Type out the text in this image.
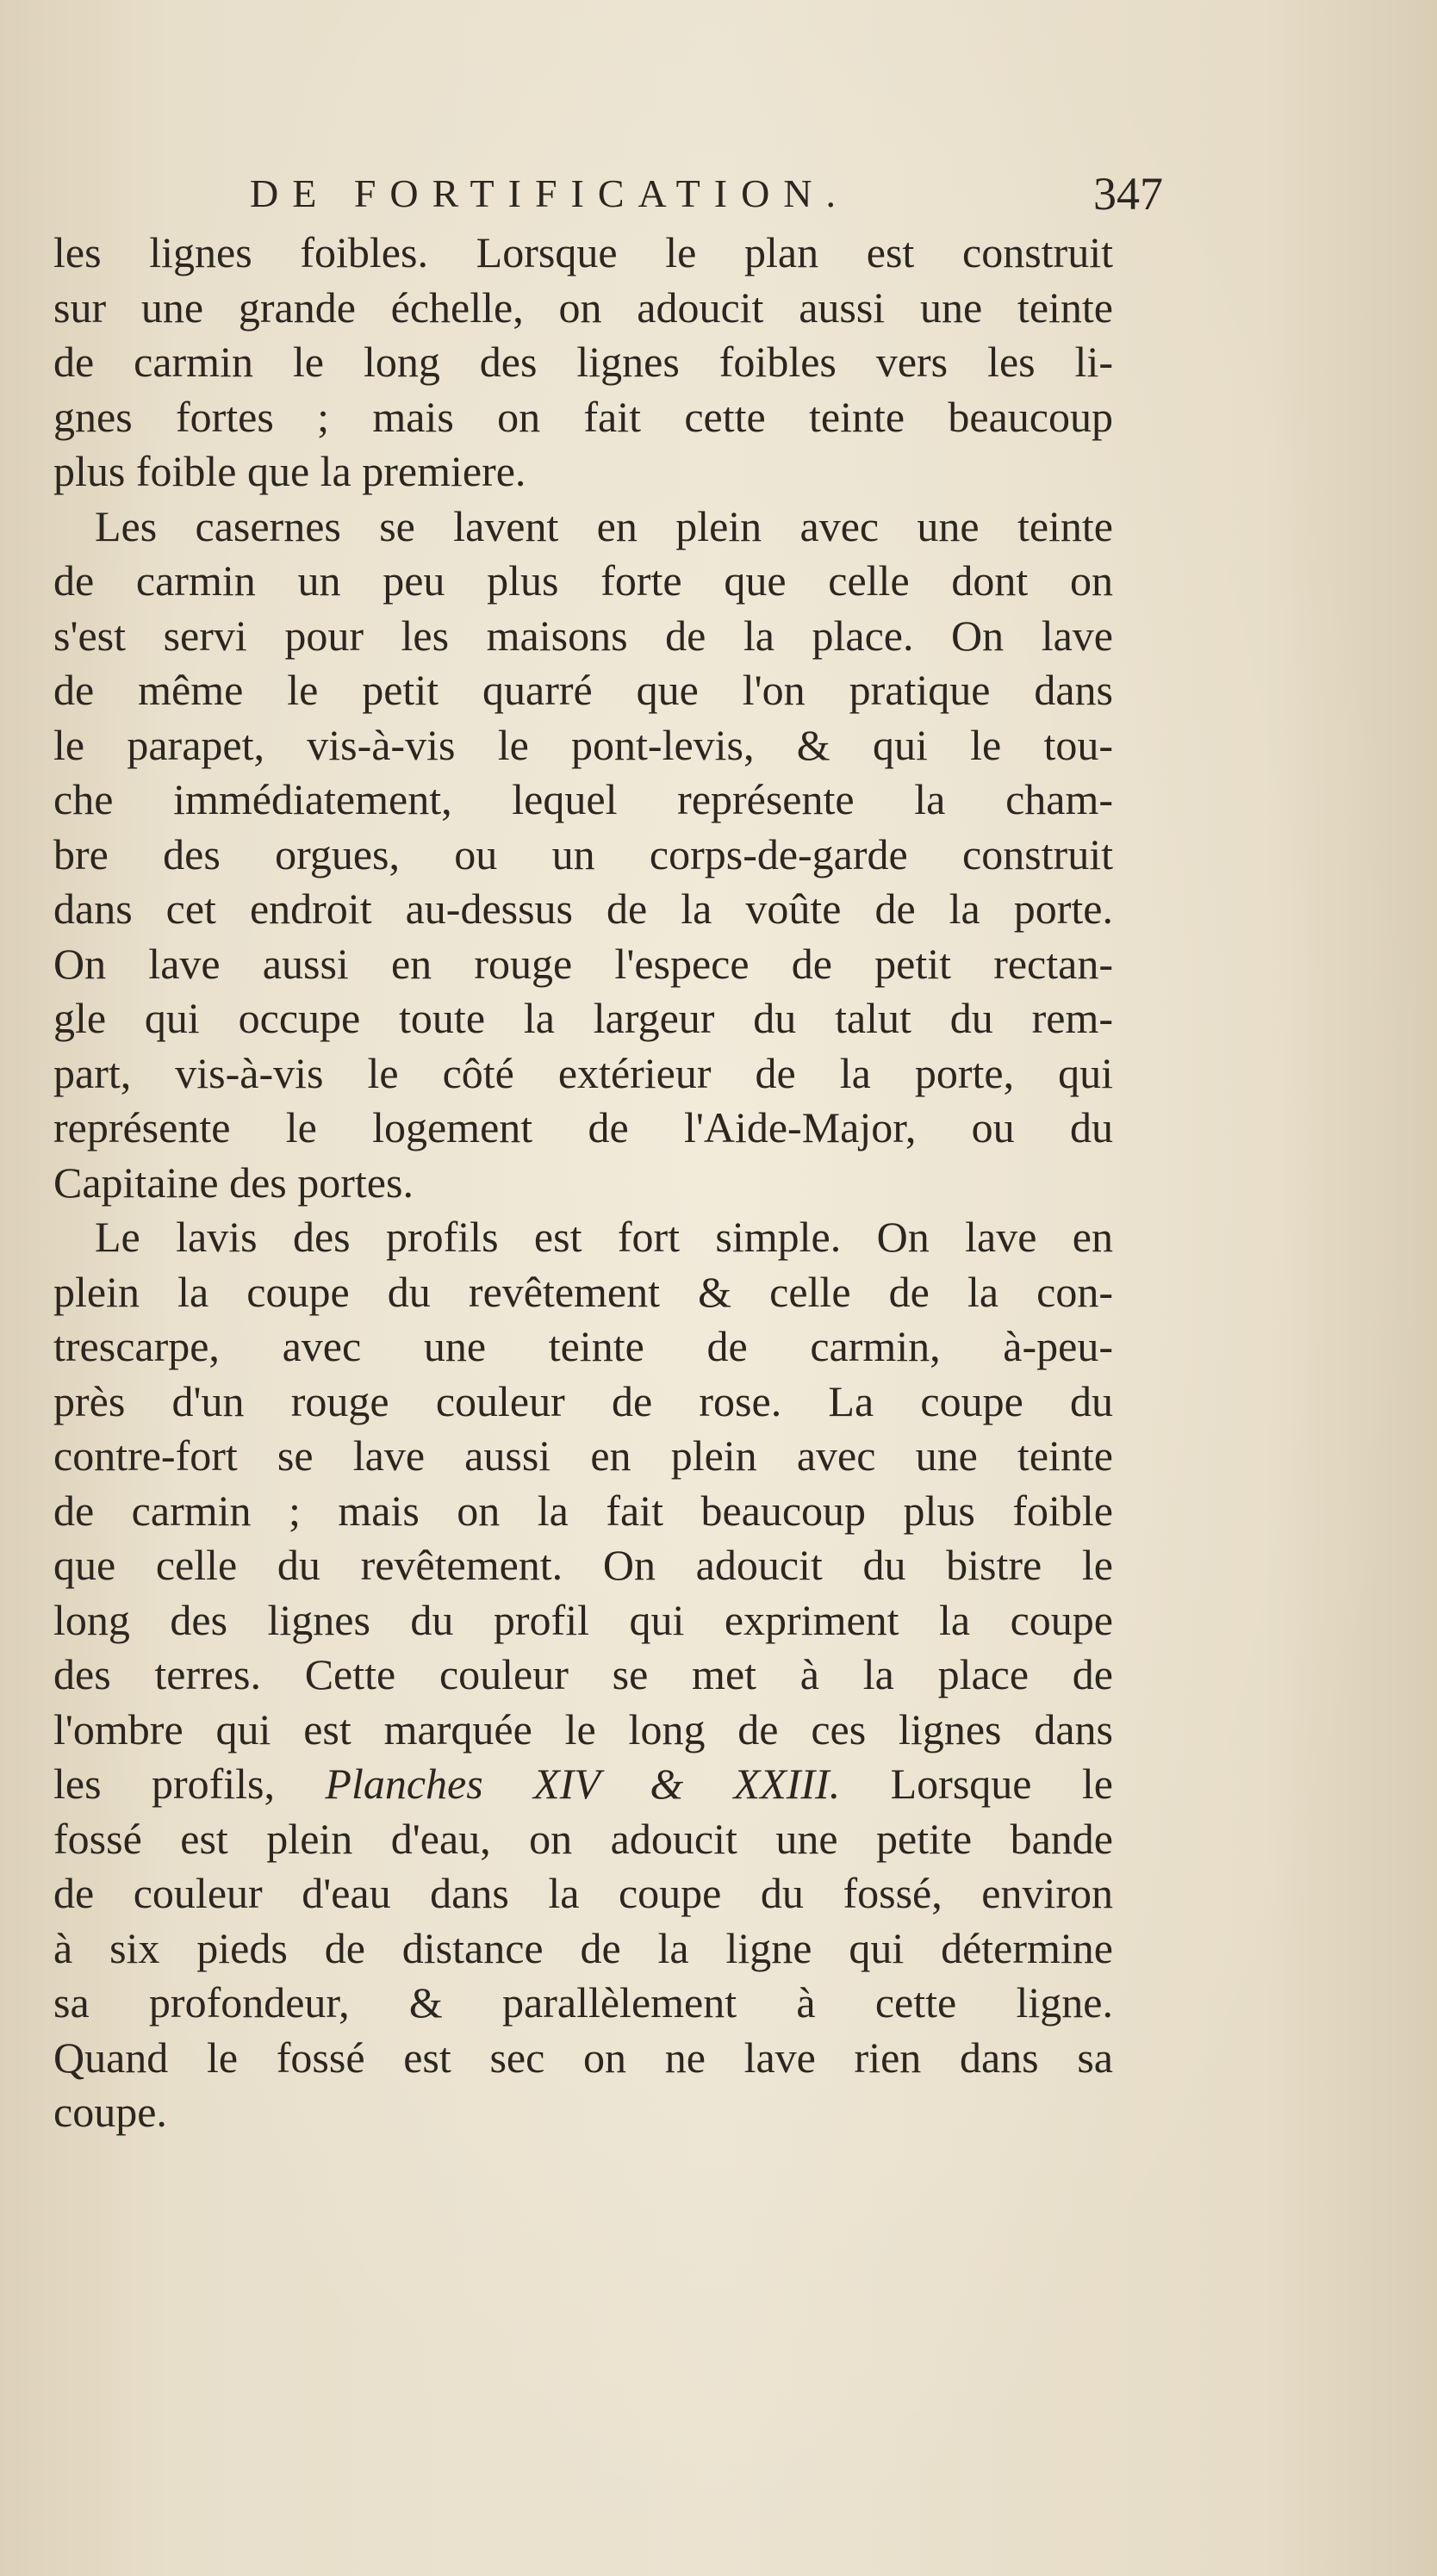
DE FORTIFICATION.	347
les lignes foibles. Lorsque le plan est construit
sur une grande échelle, on adoucit aussi une teinte
de carmin le long des lignes foibles vers les li-
gnes fortes ; mais on fait cette teinte beaucoup
plus foible que la premiere.
Les casernes se lavent en plein avec une teinte
de carmin un peu plus forte que celle dont on
s'est servi pour les maisons de la place. On lave
de même le petit quarré que l'on pratique dans
le parapet, vis-à-vis le pont-levis, & qui le tou-
che immédiatement, lequel représente la cham-
bre des orgues, ou un corps-de-garde construit
dans cet endroit au-dessus de la voûte de la porte.
On lave aussi en rouge l'espece de petit rectan-
gle qui occupe toute la largeur du talut du rem-
part, vis-à-vis le côté extérieur de la porte, qui
représente le logement de l'Aide-Major, ou du
Capitaine des portes.
Le lavis des profils est fort simple. On lave en
plein la coupe du revêtement & celle de la con-
trescarpe, avec une teinte de carmin, à-peu-
près d'un rouge couleur de rose. La coupe du
contre-fort se lave aussi en plein avec une teinte
de carmin ; mais on la fait beaucoup plus foible
que celle du revêtement. On adoucit du bistre le
long des lignes du profil qui expriment la coupe
des terres. Cette couleur se met à la place de
l'ombre qui est marquée le long de ces lignes dans
les profils, Planches XIV & XXIII. Lorsque le
fossé est plein d'eau, on adoucit une petite bande
de couleur d'eau dans la coupe du fossé, environ
à six pieds de distance de la ligne qui détermine
sa profondeur, & parallèlement à cette ligne.
Quand le fossé est sec on ne lave rien dans sa
coupe.
